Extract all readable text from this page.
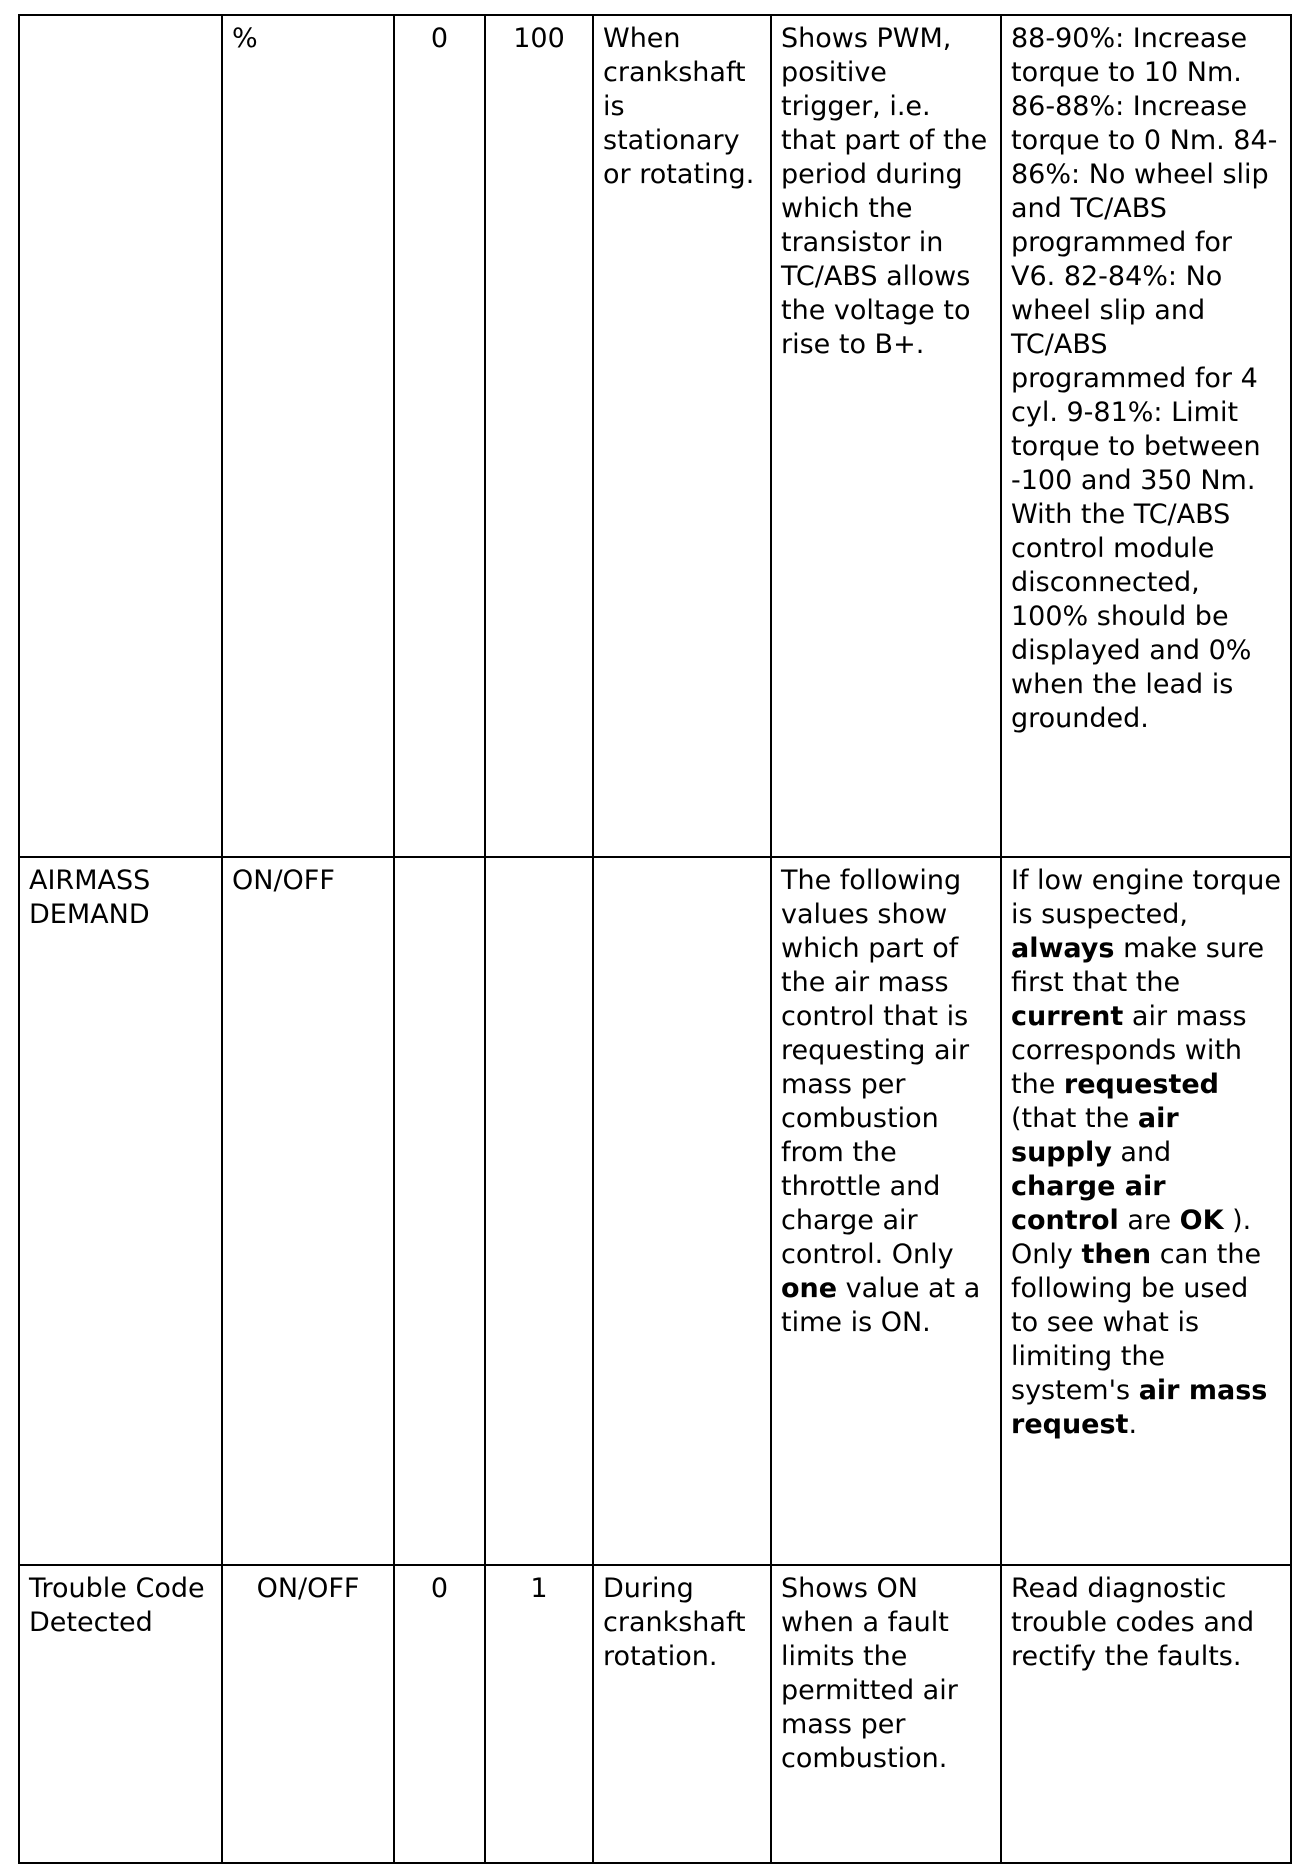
	%	0	100	When crankshaft is stationary or rotating.	Shows PWM, positive trigger, i.e. that part of the period during which the transistor in TC/ABS allows the voltage to rise to B+.	88-90%: Increase torque to 10 Nm. 86-88%: Increase torque to 0 Nm. 84-86%: No wheel slip and TC/ABS programmed for V6. 82-84%: No wheel slip and TC/ABS programmed for 4 cyl. 9-81%: Limit torque to between -100 and 350 Nm. With the TC/ABS control module disconnected, 100% should be displayed and 0% when the lead is grounded.
AIRMASS DEMAND	ON/OFF				The following values show which part of the air mass control that is requesting air mass per combustion from the throttle and charge air control. Only one value at a time is ON.	If low engine torque is suspected, always make sure first that the current air mass corresponds with the requested (that the air supply and charge air control are OK ). Only then can the following be used to see what is limiting the system's air mass request.
Trouble Code Detected	ON/OFF	0	1	During crankshaft rotation.	Shows ON when a fault limits the permitted air mass per combustion.	Read diagnostic trouble codes and rectify the faults.
